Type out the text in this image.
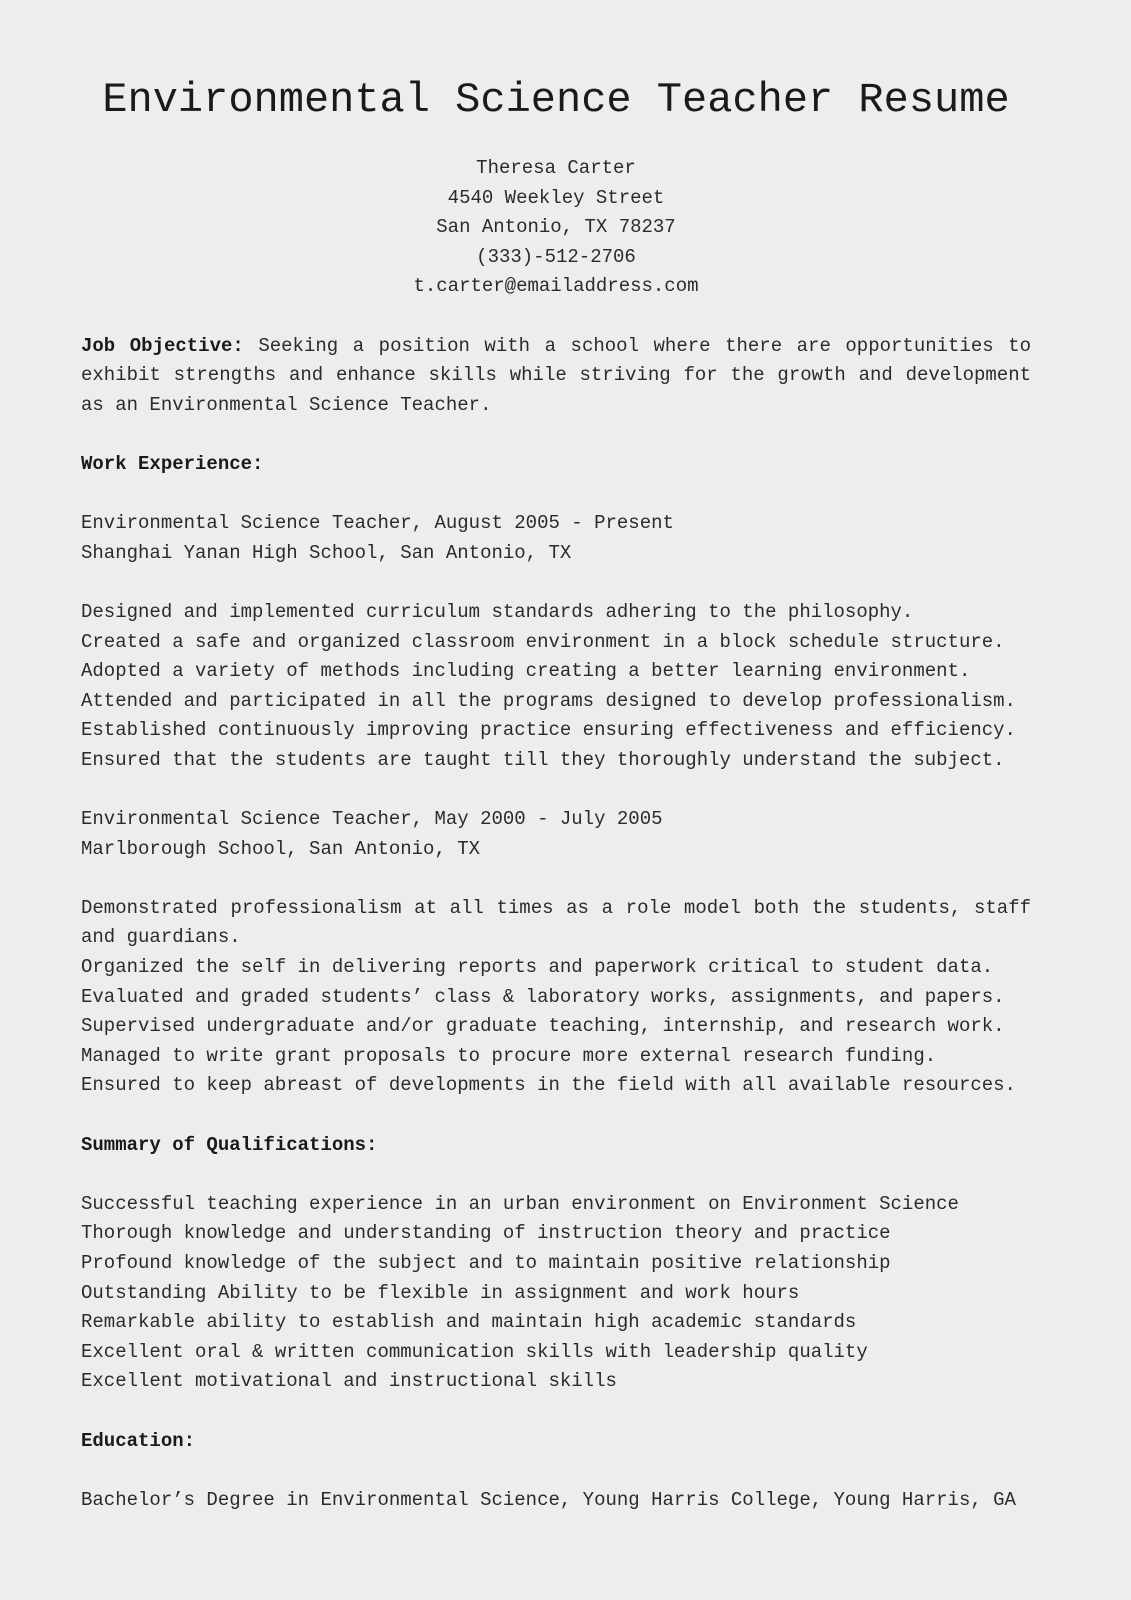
Environmental Science Teacher Resume
Theresa Carter
4540 Weekley Street
San Antonio, TX 78237
(333)-512-2706
t.carter@emailaddress.com
Job Objective: Seeking a position with a school where there are opportunities to exhibit strengths and enhance skills while striving for the growth and development as an Environmental Science Teacher.
Work Experience:
Environmental Science Teacher, August 2005 - Present
Shanghai Yanan High School, San Antonio, TX
Designed and implemented curriculum standards adhering to the philosophy.
Created a safe and organized classroom environment in a block schedule structure.
Adopted a variety of methods including creating a better learning environment.
Attended and participated in all the programs designed to develop professionalism.
Established continuously improving practice ensuring effectiveness and efficiency.
Ensured that the students are taught till they thoroughly understand the subject.
Environmental Science Teacher, May 2000 - July 2005
Marlborough School, San Antonio, TX
Demonstrated professionalism at all times as a role model both the students, staff and guardians.
Organized the self in delivering reports and paperwork critical to student data.
Evaluated and graded students’ class & laboratory works, assignments, and papers.
Supervised undergraduate and/or graduate teaching, internship, and research work.
Managed to write grant proposals to procure more external research funding.
Ensured to keep abreast of developments in the field with all available resources.
Summary of Qualifications:
Successful teaching experience in an urban environment on Environment Science
Thorough knowledge and understanding of instruction theory and practice
Profound knowledge of the subject and to maintain positive relationship
Outstanding Ability to be flexible in assignment and work hours
Remarkable ability to establish and maintain high academic standards
Excellent oral & written communication skills with leadership quality
Excellent motivational and instructional skills
Education:
Bachelor’s Degree in Environmental Science, Young Harris College, Young Harris, GA
